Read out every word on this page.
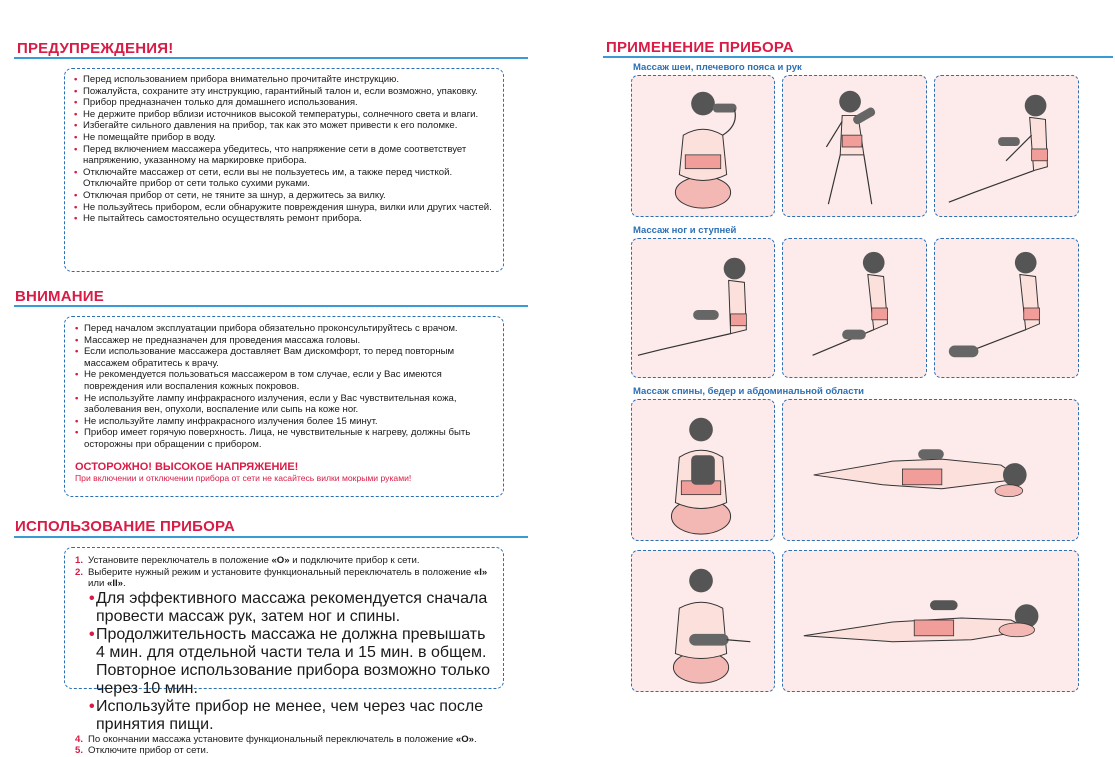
ПРЕДУПРЕЖДЕНИЯ!
• Перед использованием прибора внимательно прочитайте инструкцию.
• Пожалуйста, сохраните эту инструкцию, гарантийный талон и, если возможно, упаковку.
• Прибор предназначен только для домашнего использования.
• Не держите прибор вблизи источников высокой температуры, солнечного света и влаги.
• Избегайте сильного давления на прибор, так как это может привести к его поломке.
• Не помещайте прибор в воду.
• Перед включением массажера убедитесь, что напряжение сети в доме соответствует напряжению, указанному на маркировке прибора.
• Отключайте массажер от сети, если вы не пользуетесь им, а также перед чисткой. Отключайте прибор от сети только сухими руками.
• Отключая прибор от сети, не тяните за шнур, а держитесь за вилку.
• Не пользуйтесь прибором, если обнаружите повреждения шнура, вилки или других частей.
• Не пытайтесь самостоятельно осуществлять ремонт прибора.
ВНИМАНИЕ
• Перед началом эксплуатации прибора обязательно проконсультируйтесь с врачом.
• Массажер не предназначен для проведения массажа головы.
• Если использование массажера доставляет Вам дискомфорт, то перед повторным массажем обратитесь к врачу.
• Не рекомендуется пользоваться массажером в том случае, если у Вас имеются повреждения или воспаления кожных покровов.
• Не используйте лампу инфракрасного излучения, если у Вас чувствительная кожа, заболевания вен, опухоли, воспаление или сыпь на коже ног.
• Не используйте лампу инфракрасного излучения более 15 минут.
• Прибор имеет горячую поверхность. Лица, не чувствительные к нагреву, должны быть осторожны при обращении с прибором.
ОСТОРОЖНО! ВЫСОКОЕ НАПРЯЖЕНИЕ!
При включении и отключении прибора от сети не касайтесь вилки мокрыми руками!
ИСПОЛЬЗОВАНИЕ ПРИБОРА
1. Установите переключатель в положение «O» и подключите прибор к сети.
2. Выберите нужный режим и установите функциональный переключатель в положение «I» или «II».
• Для эффективного массажа рекомендуется сначала провести массаж рук, затем ног и спины.
• Продолжительность массажа не должна превышать 4 мин. для отдельной части тела и 15 мин. в общем. Повторное использование прибора возможно только через 10 мин.
• Используйте прибор не менее, чем через час после принятия пищи.
4. По окончании массажа установите функциональный переключатель в положение «O».
5. Отключите прибор от сети.
ПРИМЕНЕНИЕ ПРИБОРА
Массаж шеи, плечевого пояса и рук
Массаж ног и ступней
Массаж спины, бедер и абдоминальной области
